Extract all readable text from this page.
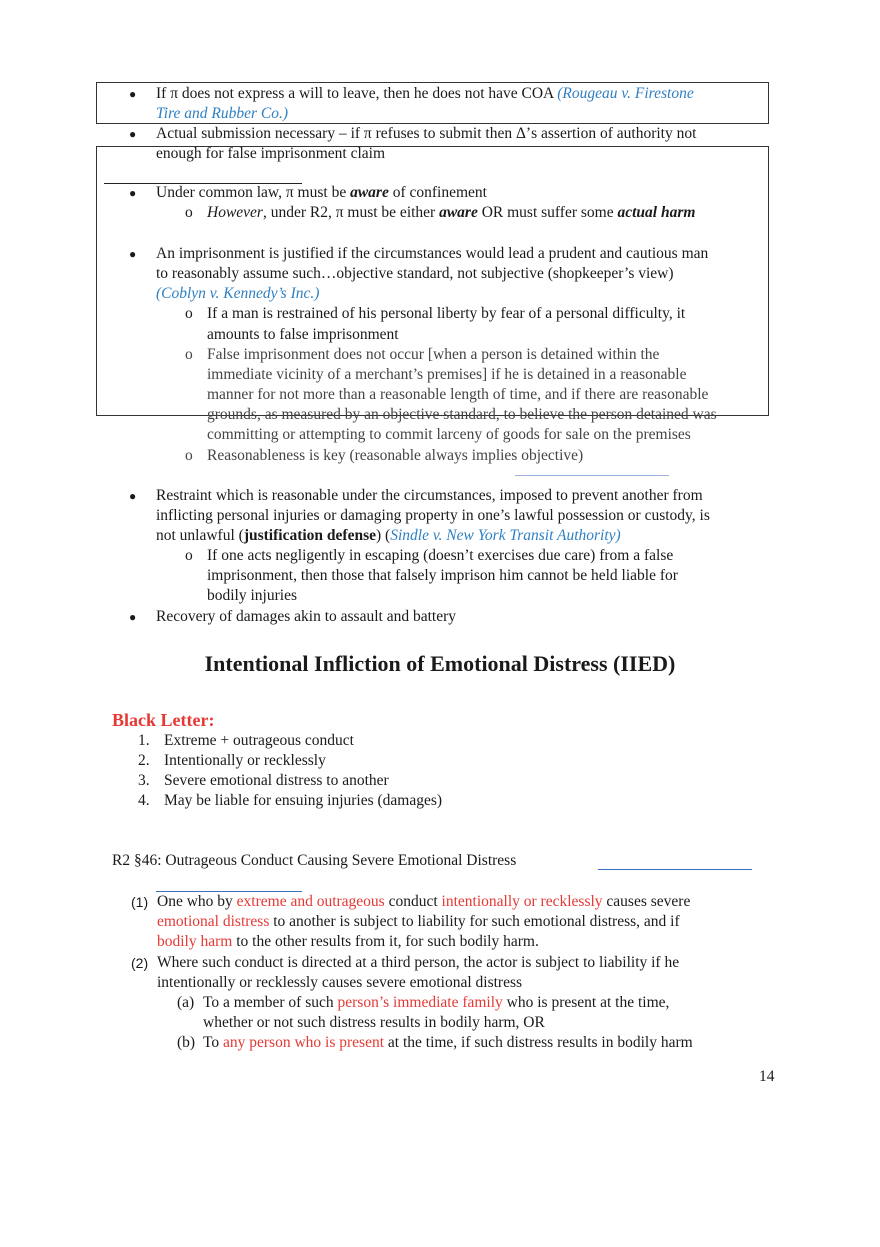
● If π does not express a will to leave, then he does not have COA (Rougeau v. Firestone
Tire and Rubber Co.)
● Actual submission necessary – if π refuses to submit then Δ’s assertion of authority not
enough for false imprisonment claim
● Under common law, π must be aware of confinement
o However, under R2, π must be either aware OR must suffer some actual harm
● An imprisonment is justified if the circumstances would lead a prudent and cautious man
to reasonably assume such…objective standard, not subjective (shopkeeper’s view)
(Coblyn v. Kennedy’s Inc.)
o If a man is restrained of his personal liberty by fear of a personal difficulty, it
amounts to false imprisonment
o False imprisonment does not occur [when a person is detained within the
immediate vicinity of a merchant’s premises] if he is detained in a reasonable
manner for not more than a reasonable length of time, and if there are reasonable
grounds, as measured by an objective standard, to believe the person detained was
committing or attempting to commit larceny of goods for sale on the premises
o Reasonableness is key (reasonable always implies objective)
● Restraint which is reasonable under the circumstances, imposed to prevent another from
inflicting personal injuries or damaging property in one’s lawful possession or custody, is
not unlawful (justification defense) (Sindle v. New York Transit Authority)
o If one acts negligently in escaping (doesn’t exercises due care) from a false
imprisonment, then those that falsely imprison him cannot be held liable for
bodily injuries
● Recovery of damages akin to assault and battery
Intentional Infliction of Emotional Distress (IIED)
Black Letter:
1. Extreme + outrageous conduct
2. Intentionally or recklessly
3. Severe emotional distress to another
4. May be liable for ensuing injuries (damages)
R2 §46: Outrageous Conduct Causing Severe Emotional Distress
(1) One who by extreme and outrageous conduct intentionally or recklessly causes severe
emotional distress to another is subject to liability for such emotional distress, and if
bodily harm to the other results from it, for such bodily harm.
(2) Where such conduct is directed at a third person, the actor is subject to liability if he
intentionally or recklessly causes severe emotional distress
(a) To a member of such person’s immediate family who is present at the time,
whether or not such distress results in bodily harm, OR
(b) To any person who is present at the time, if such distress results in bodily harm
14
